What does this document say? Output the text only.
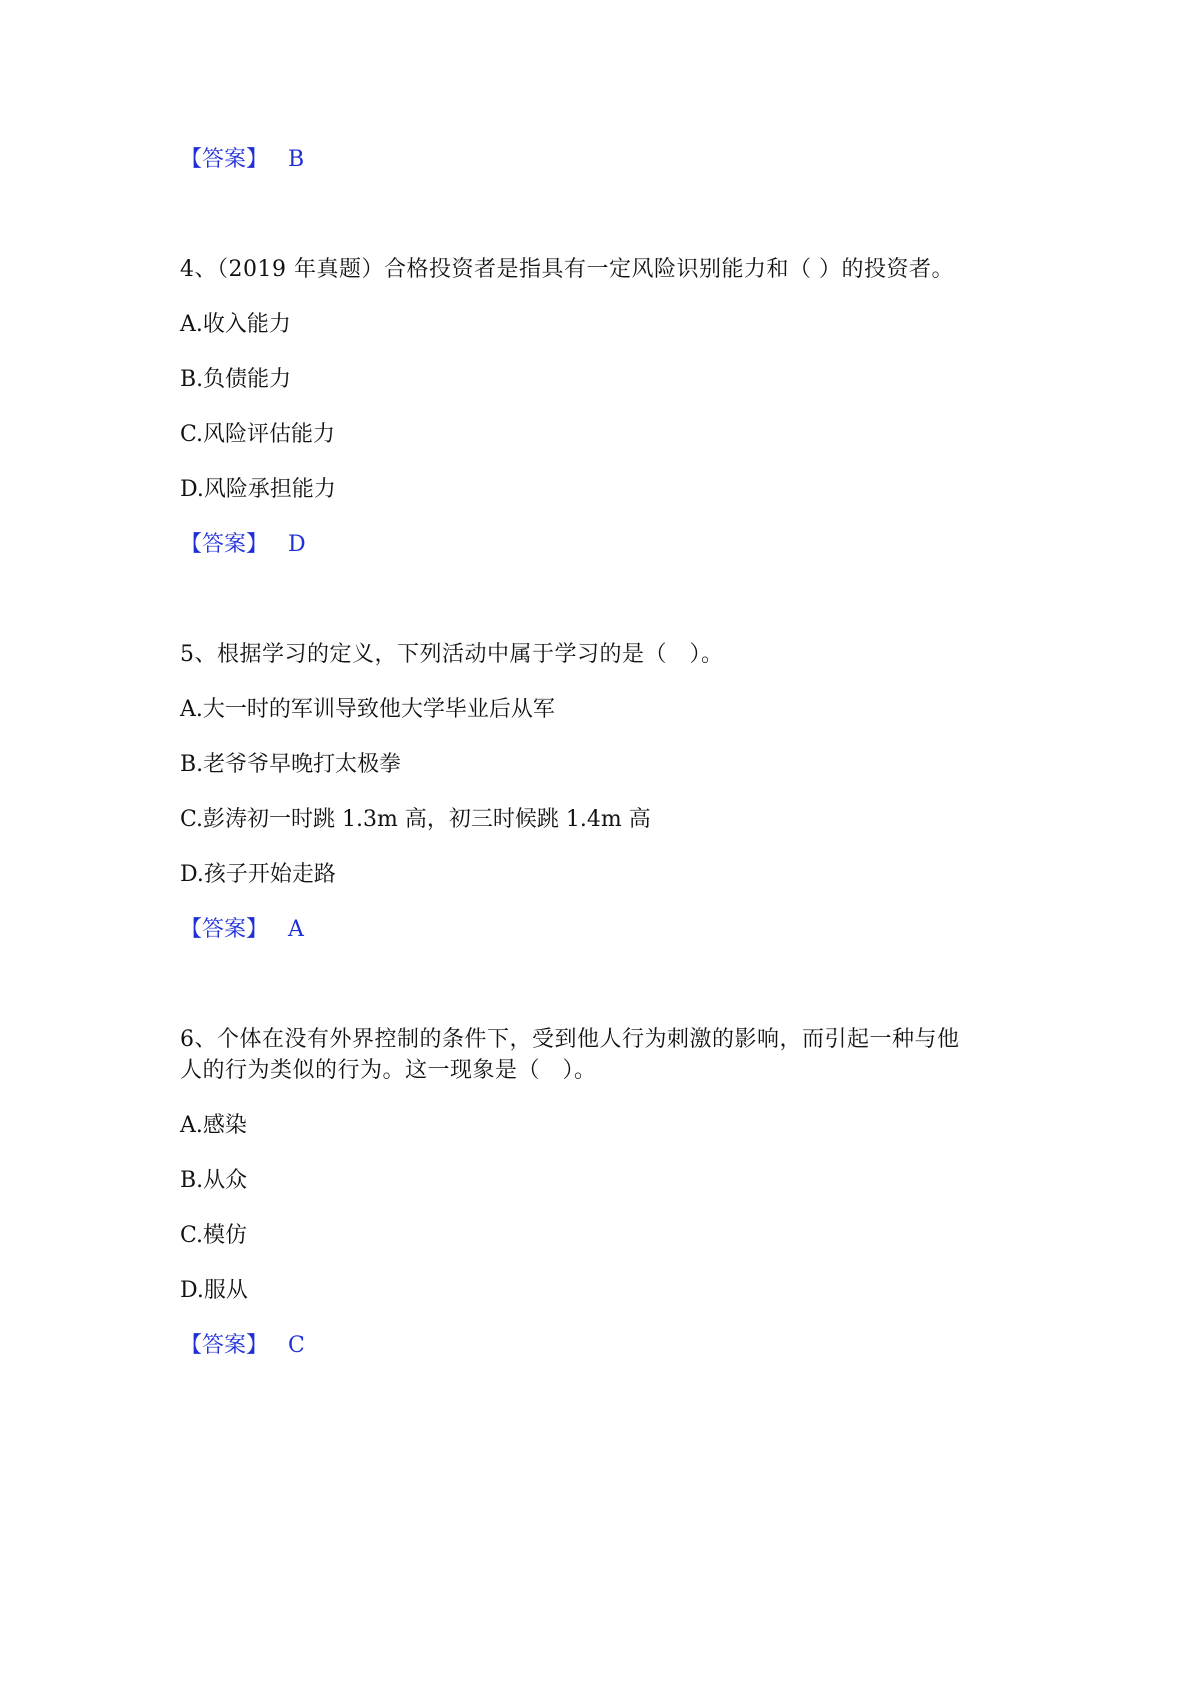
【答案】 B
4、（2019 年真题）合格投资者是指具有一定风险识别能力和（ ）的投资者。
A.收入能力
B.负债能力
C.风险评估能力
D.风险承担能力
【答案】 D
5、根据学习的定义，下列活动中属于学习的是（　）。
A.大一时的军训导致他大学毕业后从军
B.老爷爷早晚打太极拳
C.彭涛初一时跳 1.3m 高，初三时候跳 1.4m 高
D.孩子开始走路
【答案】 A
6、个体在没有外界控制的条件下，受到他人行为刺激的影响，而引起一种与他
人的行为类似的行为。这一现象是（　）。
A.感染
B.从众
C.模仿
D.服从
【答案】 C
